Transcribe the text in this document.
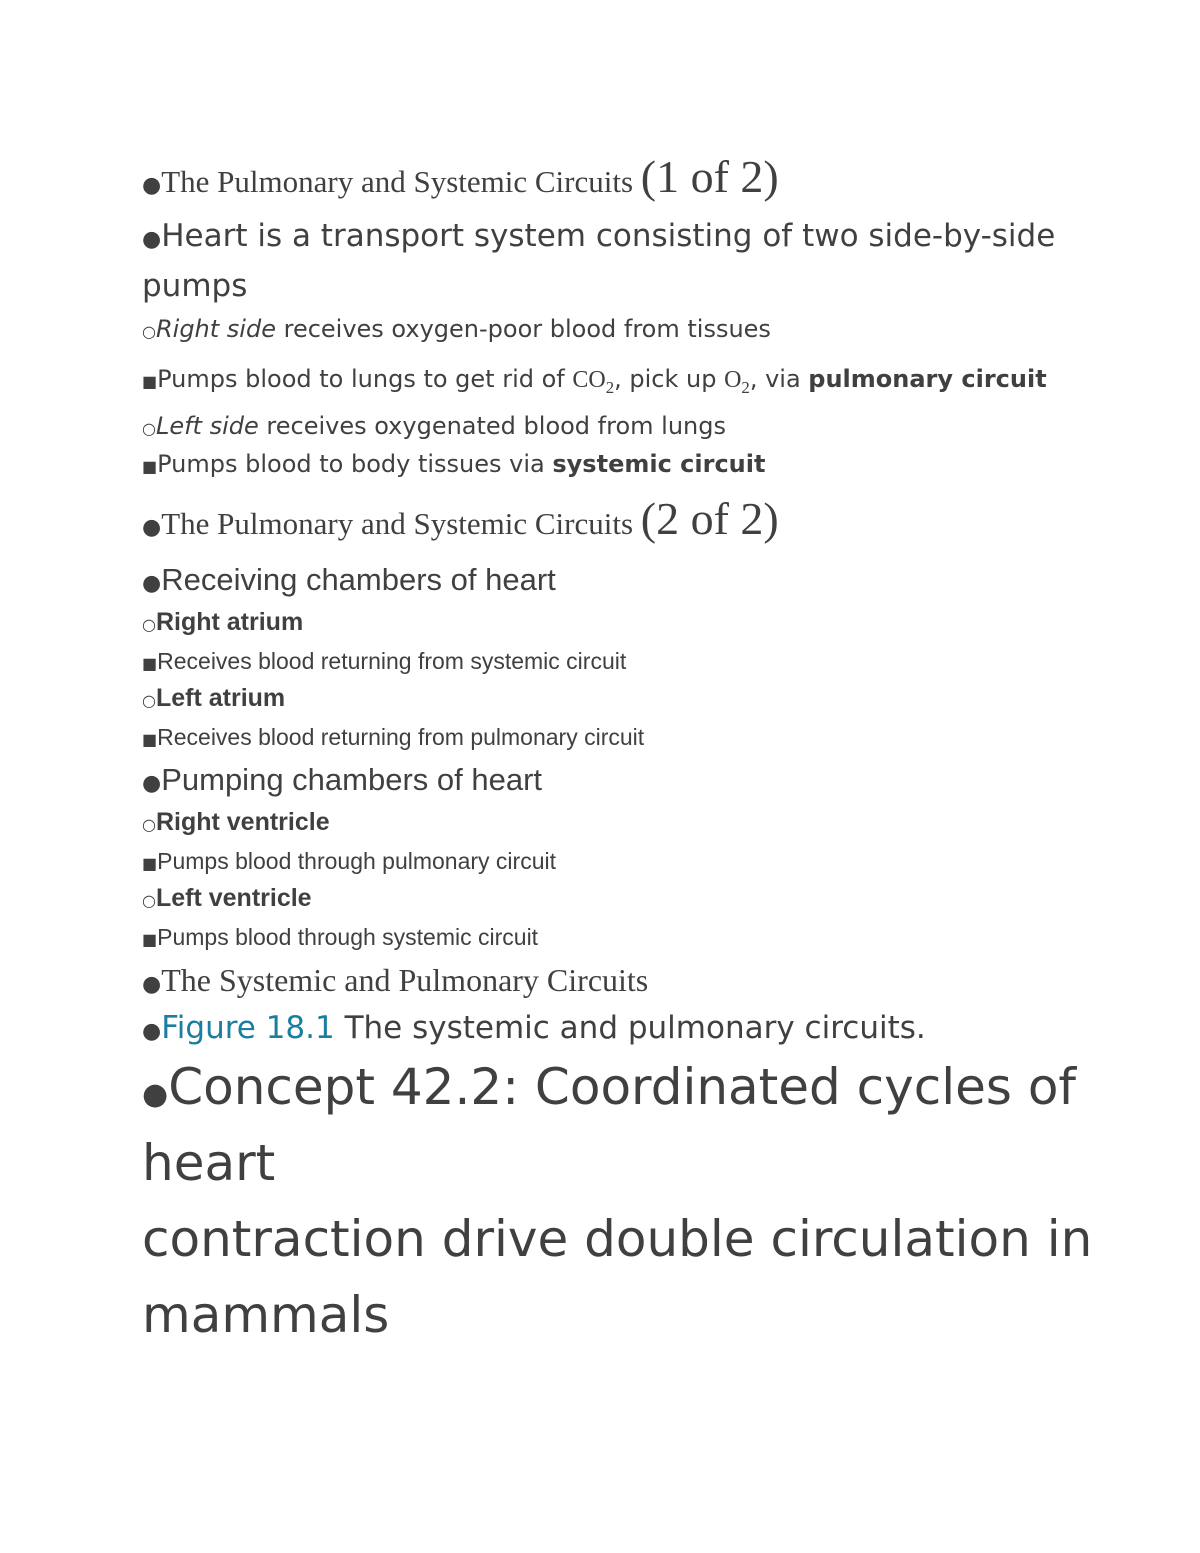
●The Pulmonary and Systemic Circuits (1 of 2)
●Heart is a transport system consisting of two side-by-side
pumps
○Right side receives oxygen-poor blood from tissues
■Pumps blood to lungs to get rid of $CO_2$, pick up $O_2$, via pulmonary circuit
○Left side receives oxygenated blood from lungs
■Pumps blood to body tissues via systemic circuit
●The Pulmonary and Systemic Circuits (2 of 2)
●Receiving chambers of heart
○Right atrium
■Receives blood returning from systemic circuit
○Left atrium
■Receives blood returning from pulmonary circuit
●Pumping chambers of heart
○Right ventricle
■Pumps blood through pulmonary circuit
○Left ventricle
■Pumps blood through systemic circuit
●The Systemic and Pulmonary Circuits
●Figure 18.1 The systemic and pulmonary circuits.
●Concept 42.2: Coordinated cycles of
heart
contraction drive double circulation in
mammals
